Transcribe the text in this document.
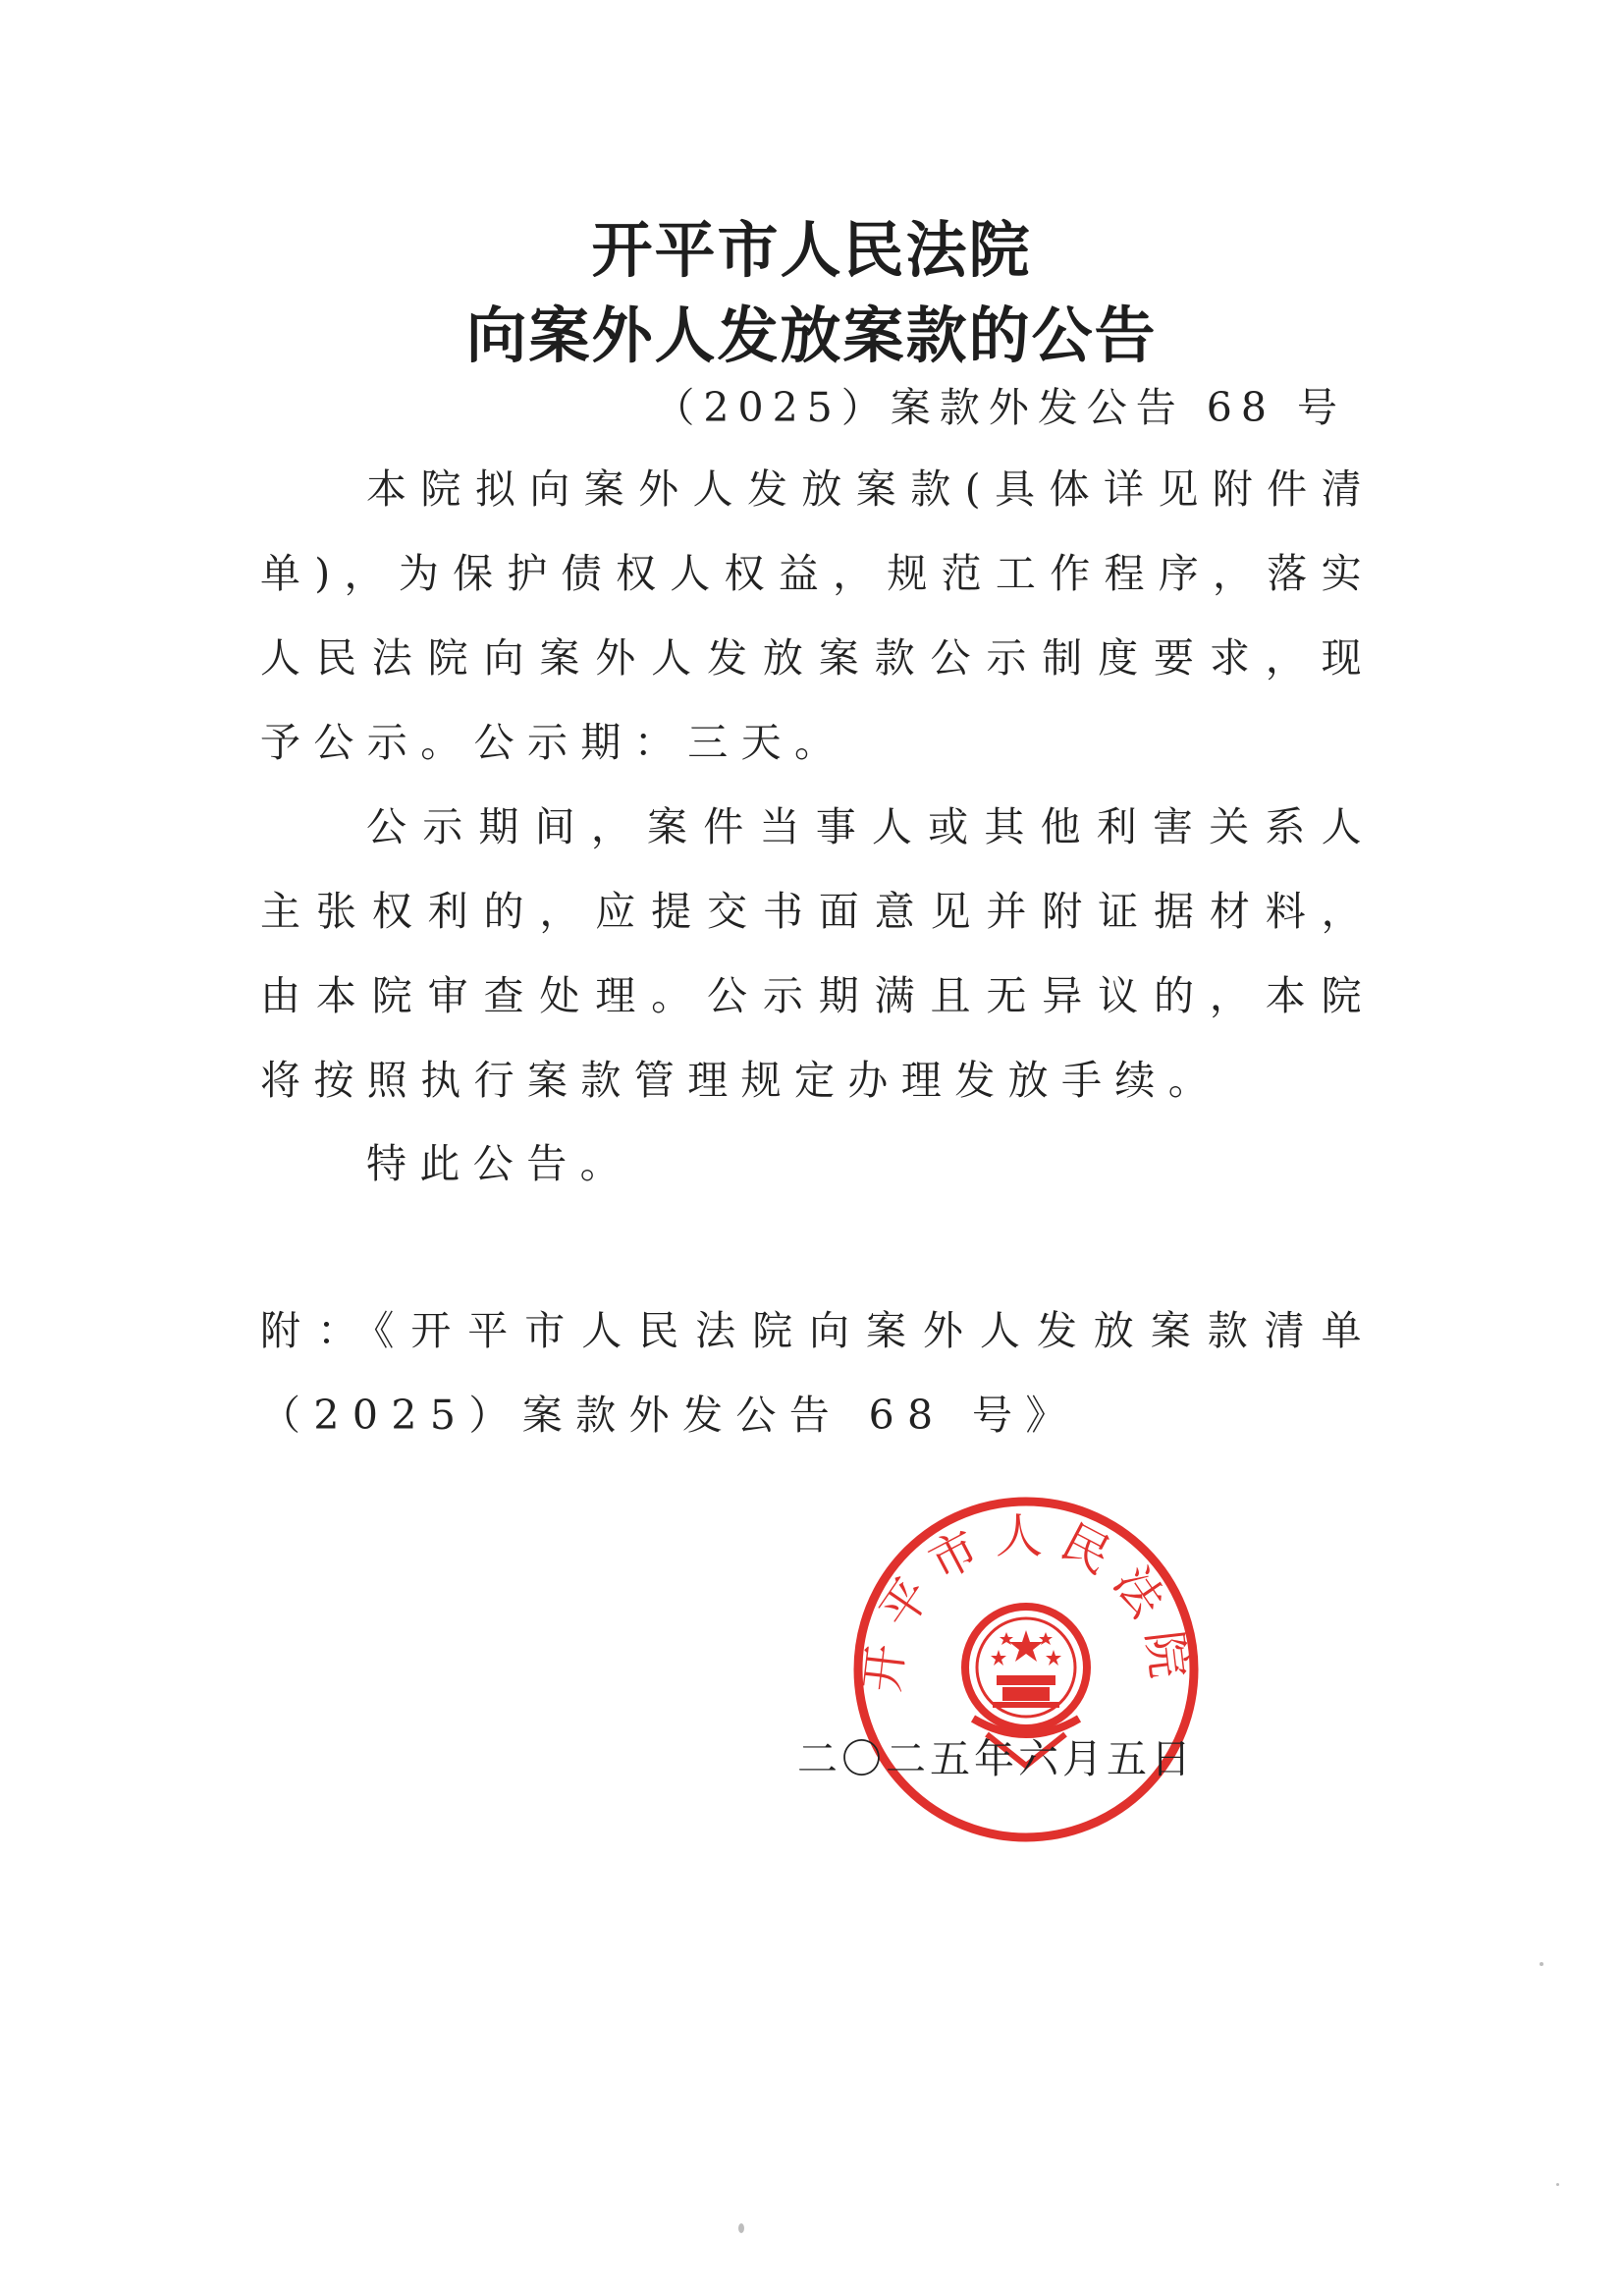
开平市人民法院
向案外人发放案款的公告
（2025）案款外发公告 68 号
本院拟向案外人发放案款(具体详见附件清单)，为保护债权人权益，规范工作程序，落实人民法院向案外人发放案款公示制度要求，现予公示。公示期：三天。
公示期间，案件当事人或其他利害关系人主张权利的，应提交书面意见并附证据材料，由本院审查处理。公示期满且无异议的，本院将按照执行案款管理规定办理发放手续。
特此公告。
附：《开平市人民法院向案外人发放案款清单（2025）案款外发公告 68 号》
开平市人民法院
二〇二五年六月五日
